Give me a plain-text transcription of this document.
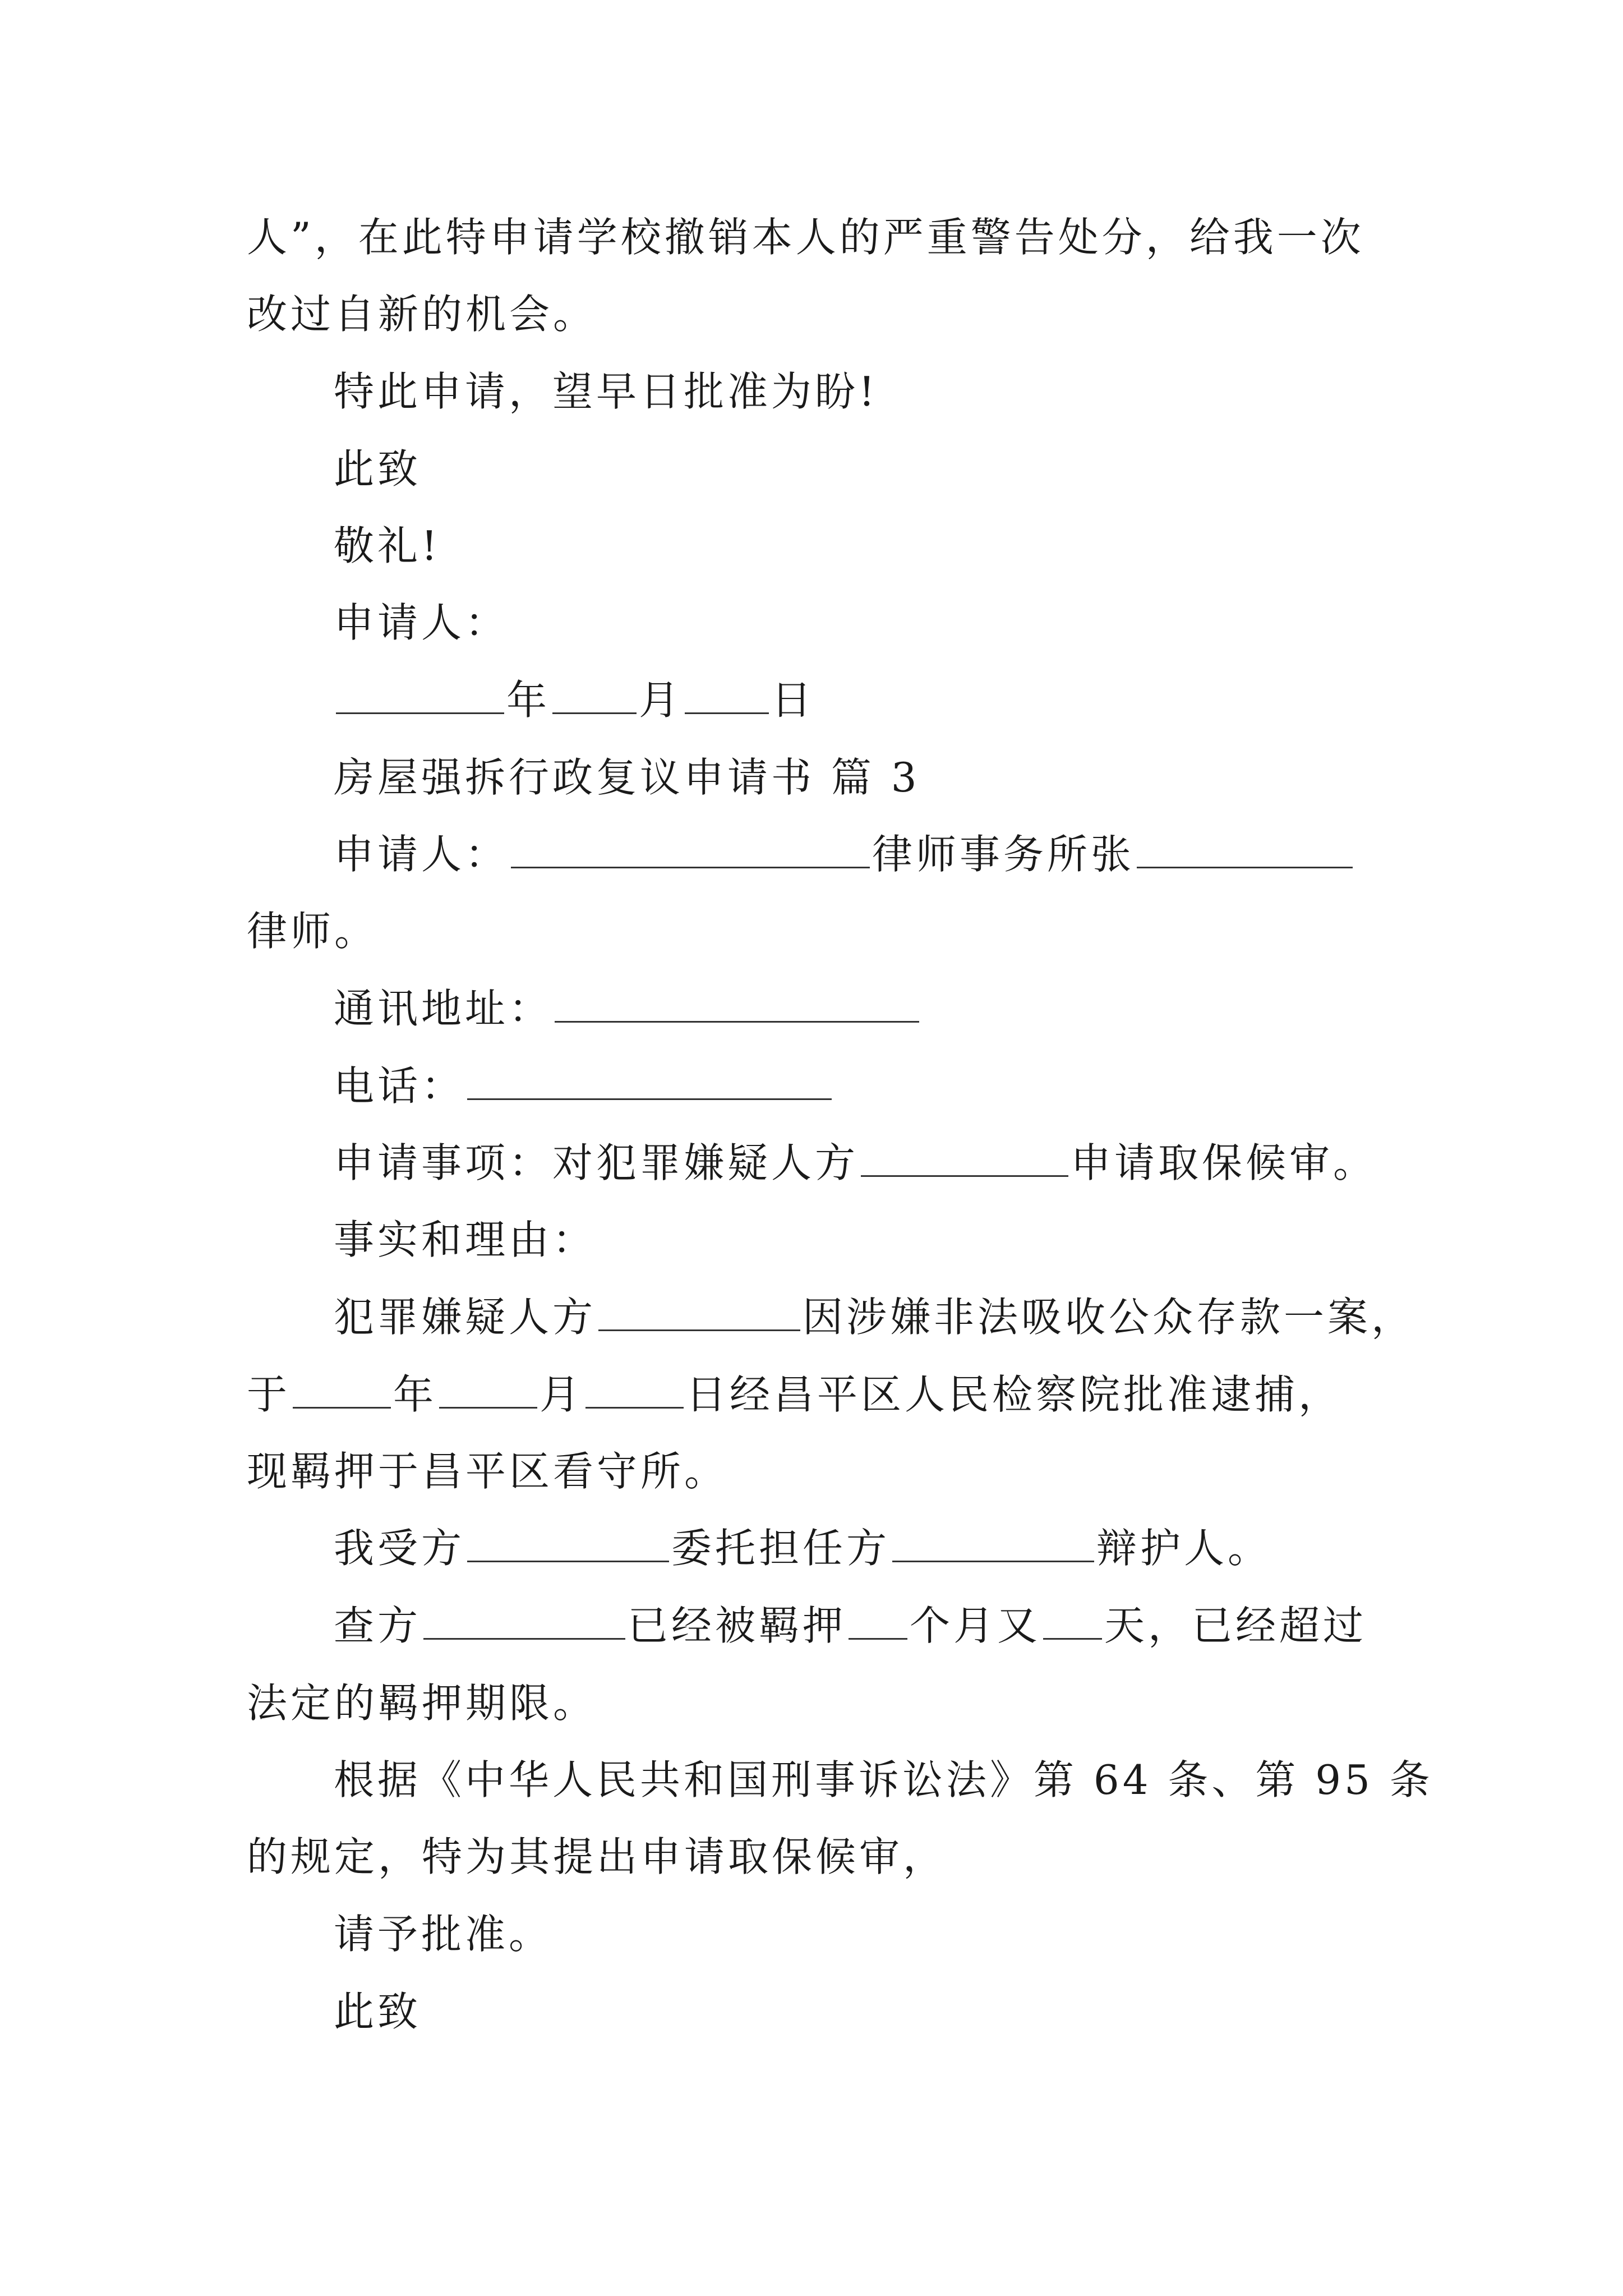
人”，在此特申请学校撤销本人的严重警告处分，给我一次
改过自新的机会。
特此申请，望早日批准为盼!
此致
敬礼!
申请人：
年 月 日
房屋强拆行政复议申请书 篇 3
申请人：	律师事务所张
律师。
通讯地址：
电话：
申请事项：对犯罪嫌疑人方	申请取保候审。
事实和理由：
犯罪嫌疑人方	因涉嫌非法吸收公众存款一案，
于	年	月	日经昌平区人民检察院批准逮捕，
现羁押于昌平区看守所。
我受方	委托担任方	辩护人。
查方	已经被羁押 个月又 天，已经超过
法定的羁押期限。
根据《中华人民共和国刑事诉讼法》第 64 条、第 95 条
的规定，特为其提出申请取保候审，
请予批准。
此致
